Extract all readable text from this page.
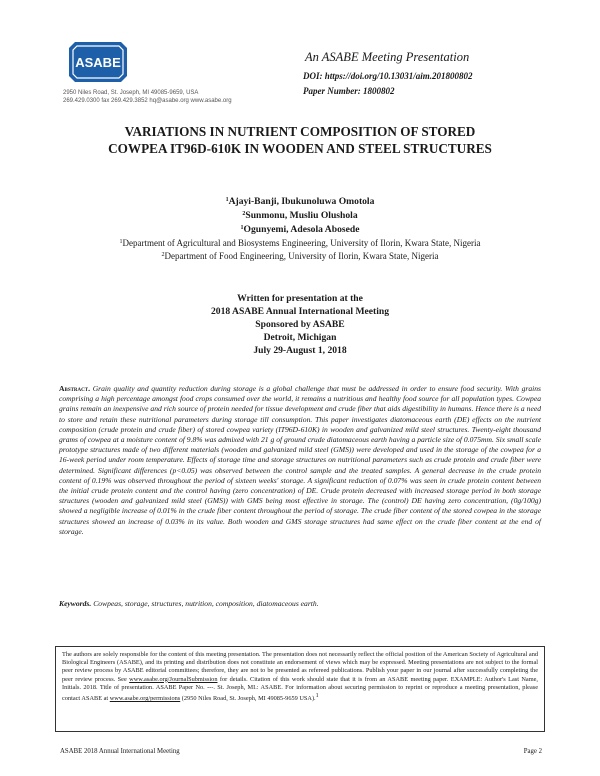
ASABE
2950 Niles Road, St. Joseph, MI 49085-9659, USA
269.429.0300 fax 269.429.3852 hq@asabe.org www.asabe.org
An ASABE Meeting Presentation
DOI: https://doi.org/10.13031/aim.201800802
Paper Number: 1800802
VARIATIONS IN NUTRIENT COMPOSITION OF STORED COWPEA IT96D-610K IN WOODEN AND STEEL STRUCTURES
$^1$Ajayi-Banji, Ibukunoluwa Omotola
$^2$Sunmonu, Musliu Olushola
$^1$Ogunyemi, Adesola Abosede
$^1$Department of Agricultural and Biosystems Engineering, University of Ilorin, Kwara State, Nigeria
$^2$Department of Food Engineering, University of Ilorin, Kwara State, Nigeria
Written for presentation at the
2018 ASABE Annual International Meeting
Sponsored by ASABE
Detroit, Michigan
July 29-August 1, 2018
Abstract. Grain quality and quantity reduction during storage is a global challenge that must be addressed in order to ensure food security. With grains comprising a high percentage amongst food crops consumed over the world, it remains a nutritious and healthy food source for all population types. Cowpea grains remain an inexpensive and rich source of protein needed for tissue development and crude fiber that aids digestibility in humans. Hence there is a need to store and retain these nutritional parameters during storage till consumption. This paper investigates diatomaceous earth (DE) effects on the nutrient composition (crude protein and crude fiber) of stored cowpea variety (IT96D-610K) in wooden and galvanized mild steel structures. Twenty-eight thousand grams of cowpea at a moisture content of 9.8% was admixed with 21 g of ground crude diatomaceous earth having a particle size of 0.075mm. Six small scale prototype structures made of two different materials (wooden and galvanized mild steel (GMS)) were developed and used in the storage of the cowpea for a 16-week period under room temperature. Effects of storage time and storage structures on nutritional parameters such as crude protein and crude fiber were determined. Significant differences (p<0.05) was observed between the control sample and the treated samples. A general decrease in the crude protein content of 0.19% was observed throughout the period of sixteen weeks' storage. A significant reduction of 0.07% was seen in crude protein content between the initial crude protein content and the control having (zero concentration) of DE. Crude protein decreased with increased storage period in both storage structures (wooden and galvanized mild steel (GMS)) with GMS being most effective in storage. The (control) DE having zero concentration, (0g/100g) showed a negligible increase of 0.01% in the crude fiber content throughout the period of storage. The crude fiber content of the stored cowpea in the storage structures showed an increase of 0.03% in its value. Both wooden and GMS storage structures had same effect on the crude fiber content at the end of storage.
Keywords. Cowpeas, storage, structures, nutrition, composition, diatomaceous earth.
The authors are solely responsible for the content of this meeting presentation. The presentation does not necessarily reflect the official position of the American Society of Agricultural and Biological Engineers (ASABE), and its printing and distribution does not constitute an endorsement of views which may be expressed. Meeting presentations are not subject to the formal peer review process by ASABE editorial committees; therefore, they are not to be presented as refereed publications. Publish your paper in our journal after successfully completing the peer review process. See www.asabe.org/JournalSubmission for details. Citation of this work should state that it is from an ASABE meeting paper. EXAMPLE: Author's Last Name, Initials. 2018. Title of presentation. ASABE Paper No. ---. St. Joseph, MI.: ASABE. For information about securing permission to reprint or reproduce a meeting presentation, please contact ASABE at www.asabe.org/permissions (2950 Niles Road, St. Joseph, MI 49085-9659 USA).$^1$
ASABE 2018 Annual International Meeting	Page 2
